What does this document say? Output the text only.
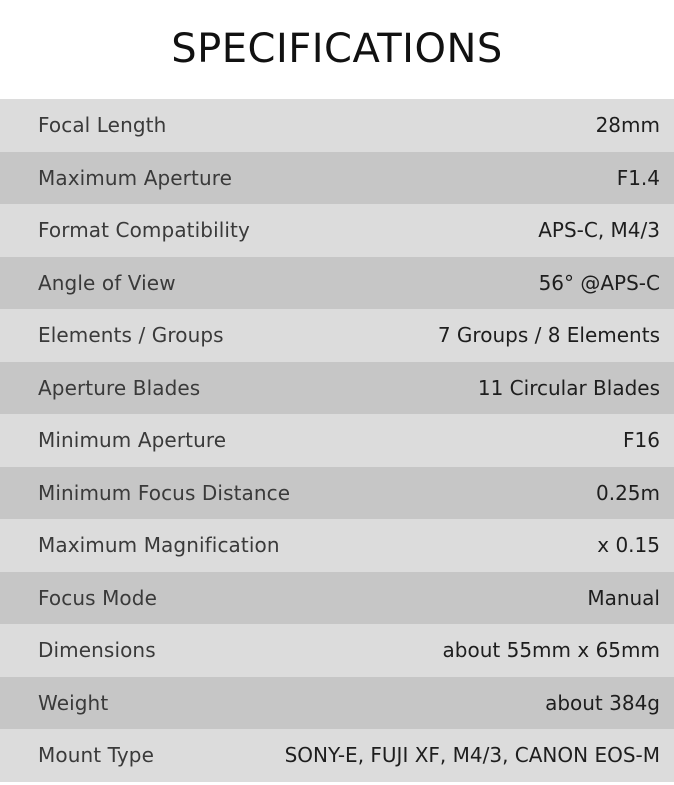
SPECIFICATIONS
Focal Length	28mm
Maximum Aperture	F1.4
Format Compatibility	APS-C, M4/3
Angle of View	56° @APS-C
Elements / Groups	7 Groups / 8 Elements
Aperture Blades	11 Circular Blades
Minimum Aperture	F16
Minimum Focus Distance	0.25m
Maximum Magnification	x 0.15
Focus Mode	Manual
Dimensions	about 55mm x 65mm
Weight	about 384g
Mount Type	SONY-E, FUJI XF, M4/3, CANON EOS-M
